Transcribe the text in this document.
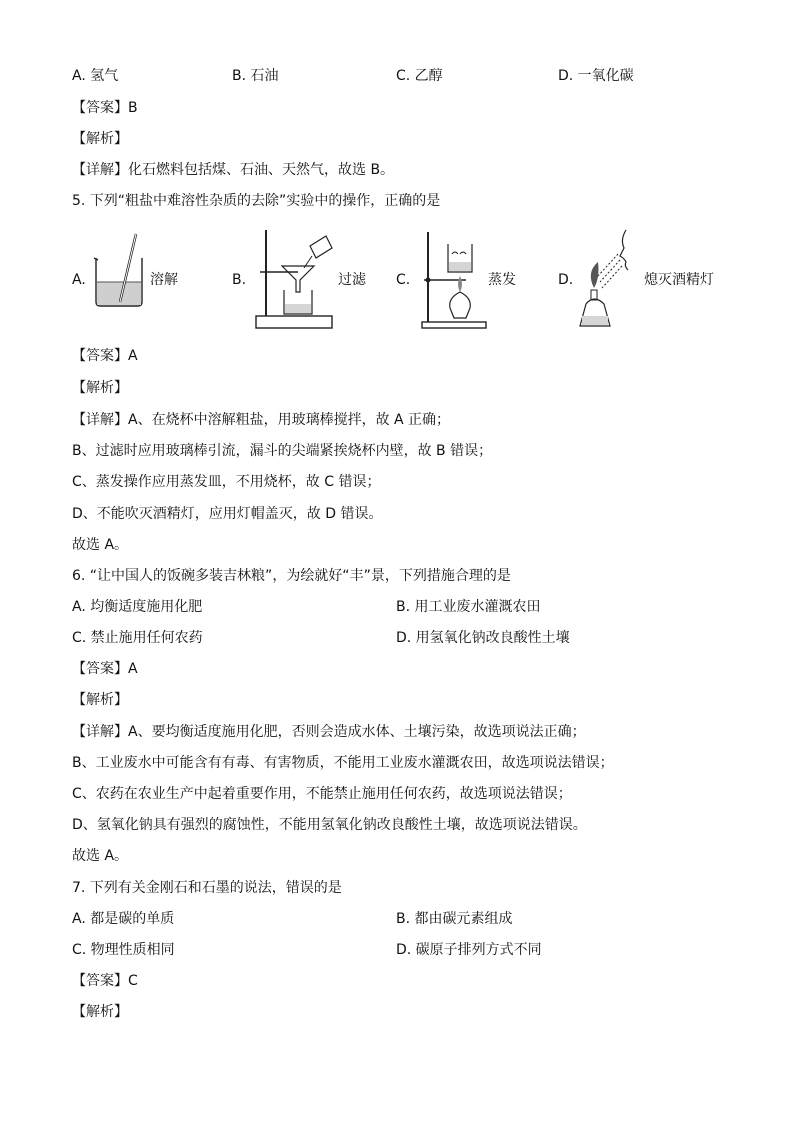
A. 氢气	B. 石油	C. 乙醇	D. 一氧化碳
【答案】B
【解析】
【详解】化石燃料包括煤、石油、天然气，故选 B。
5. 下列“粗盐中难溶性杂质的去除”实验中的操作，正确的是
A.	溶解	B.	过滤 C.	蒸发	D.	熄灭酒精灯
【答案】A
【解析】
【详解】A、在烧杯中溶解粗盐，用玻璃棒搅拌，故 A 正确；
B、过滤时应用玻璃棒引流，漏斗的尖端紧挨烧杯内壁，故 B 错误；
C、蒸发操作应用蒸发皿，不用烧杯，故 C 错误；
D、不能吹灭酒精灯，应用灯帽盖灭，故 D 错误。
故选 A。
6. “让中国人的饭碗多装吉林粮”，为绘就好“丰”景，下列措施合理的是
A. 均衡适度施用化肥	B. 用工业废水灌溉农田
C. 禁止施用任何农药	D. 用氢氧化钠改良酸性土壤
【答案】A
【解析】
【详解】A、要均衡适度施用化肥，否则会造成水体、土壤污染，故选项说法正确；
B、工业废水中可能含有有毒、有害物质，不能用工业废水灌溉农田，故选项说法错误；
C、农药在农业生产中起着重要作用，不能禁止施用任何农药，故选项说法错误；
D、氢氧化钠具有强烈的腐蚀性，不能用氢氧化钠改良酸性土壤，故选项说法错误。
故选 A。
7. 下列有关金刚石和石墨的说法，错误的是
A. 都是碳的单质	B. 都由碳元素组成
C. 物理性质相同	D. 碳原子排列方式不同
【答案】C
【解析】
